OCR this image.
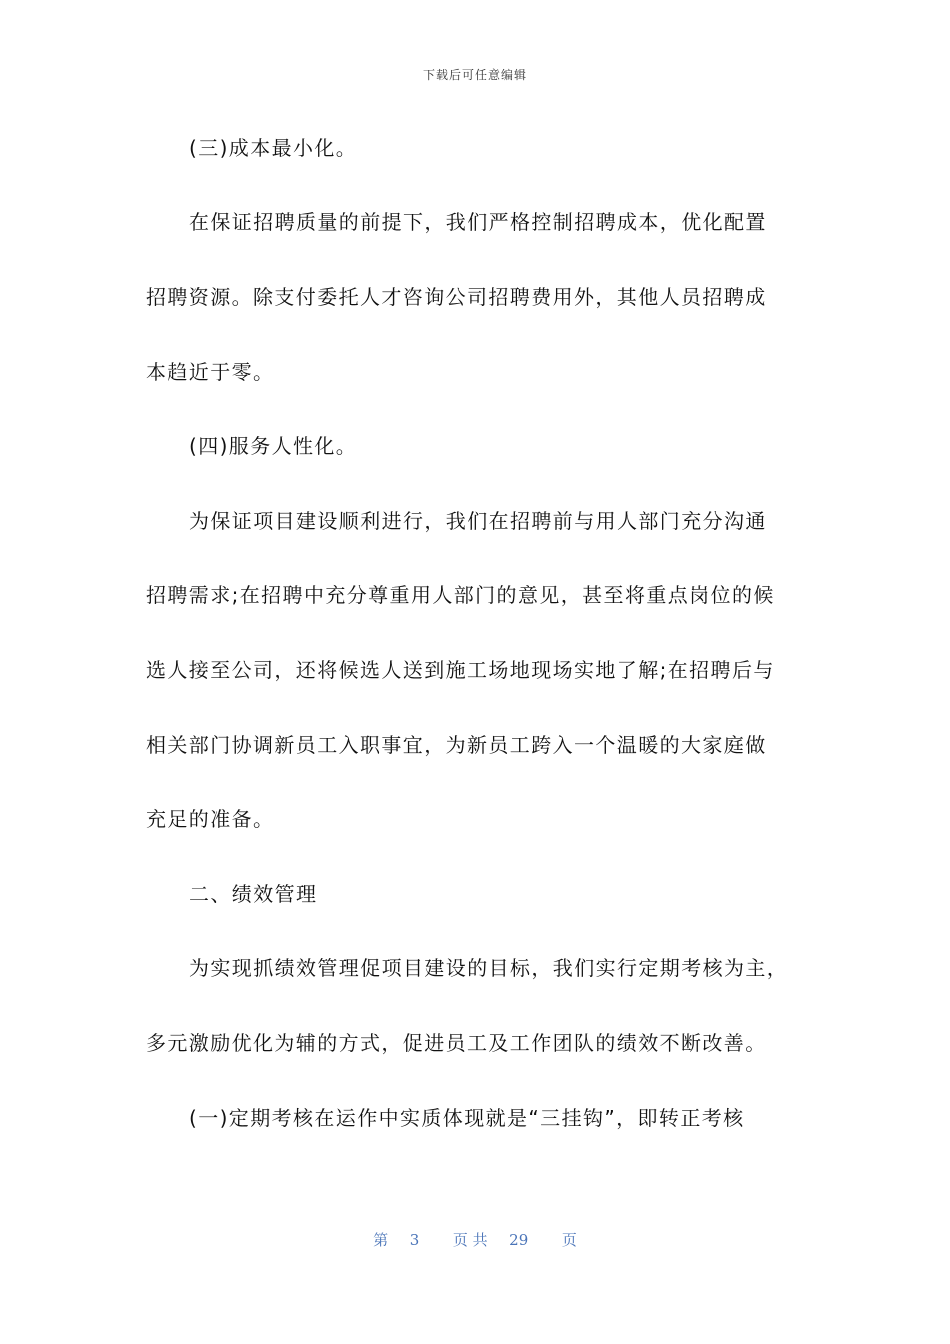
下载后可任意编辑
(三)成本最小化。
在保证招聘质量的前提下，我们严格控制招聘成本，优化配置
招聘资源。除支付委托人才咨询公司招聘费用外，其他人员招聘成
本趋近于零。
(四)服务人性化。
为保证项目建设顺利进行，我们在招聘前与用人部门充分沟通
招聘需求;在招聘中充分尊重用人部门的意见，甚至将重点岗位的候
选人接至公司，还将候选人送到施工场地现场实地了解;在招聘后与
相关部门协调新员工入职事宜，为新员工跨入一个温暖的大家庭做
充足的准备。
二、绩效管理
为实现抓绩效管理促项目建设的目标，我们实行定期考核为主，
多元激励优化为辅的方式，促进员工及工作团队的绩效不断改善。
(一)定期考核在运作中实质体现就是“三挂钩”，即转正考核
第 3 页 共 29 页
